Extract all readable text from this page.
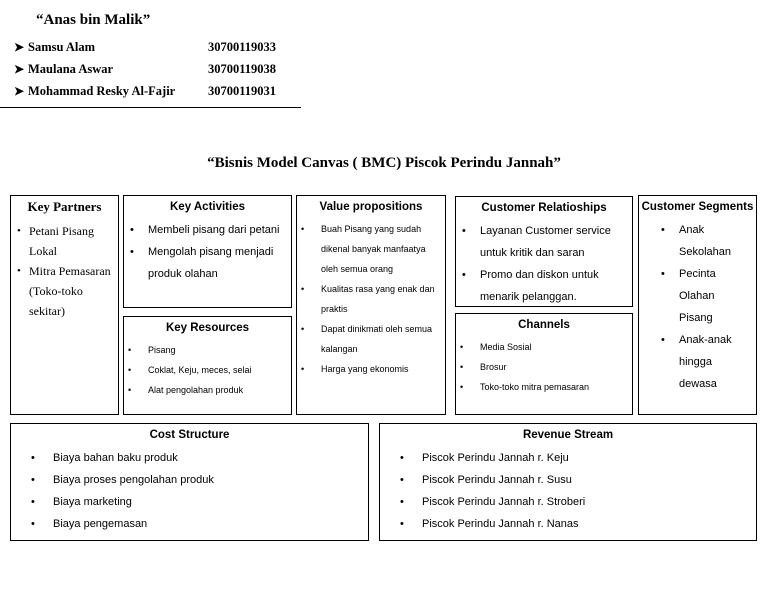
“Anas bin Malik”
➤ Samsu Alam	30700119033
➤ Maulana Aswar	30700119038
➤ Mohammad Resky Al-Fajir	30700119031
“Bisnis Model Canvas ( BMC) Piscok Perindu Jannah”
Key Partners
• Petani Pisang Lokal
• Mitra Pemasaran (Toko-toko sekitar)
Key Activities
• Membeli pisang dari petani
• Mengolah pisang menjadi produk olahan
Key Resources
• Pisang
• Coklat, Keju, meces, selai
• Alat pengolahan produk
Value propositions
• Buah Pisang yang sudah dikenal banyak manfaatya oleh semua orang
• Kualitas rasa yang enak dan praktis
• Dapat dinikmati oleh semua kalangan
• Harga yang ekonomis
Customer Relatioships
• Layanan Customer service untuk kritik dan saran
• Promo dan diskon untuk menarik pelanggan.
Channels
• Media Sosial
• Brosur
• Toko-toko mitra pemasaran
Customer Segments
• Anak Sekolahan
• Pecinta Olahan Pisang
• Anak-anak hingga dewasa
Cost Structure
• Biaya bahan baku produk
• Biaya proses pengolahan produk
• Biaya marketing
• Biaya pengemasan
Revenue Stream
• Piscok Perindu Jannah r. Keju
• Piscok Perindu Jannah r. Susu
• Piscok Perindu Jannah r. Stroberi
• Piscok Perindu Jannah r. Nanas
